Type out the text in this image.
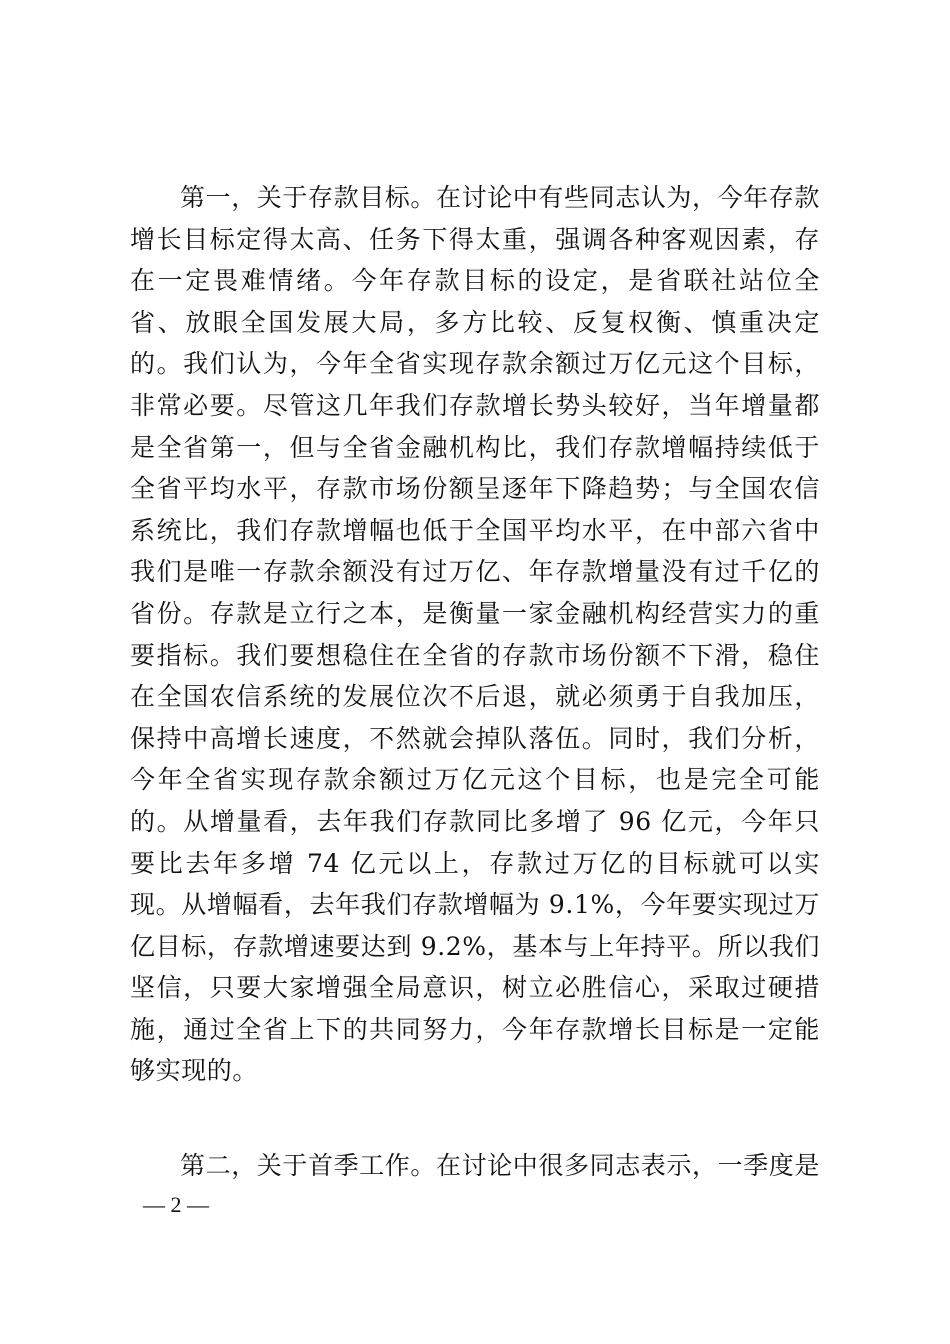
第一，关于存款目标。在讨论中有些同志认为，今年存款增长目标定得太高、任务下得太重，强调各种客观因素，存在一定畏难情绪。今年存款目标的设定，是省联社站位全省、放眼全国发展大局，多方比较、反复权衡、慎重决定的。我们认为，今年全省实现存款余额过万亿元这个目标，非常必要。尽管这几年我们存款增长势头较好，当年增量都是全省第一，但与全省金融机构比，我们存款增幅持续低于全省平均水平，存款市场份额呈逐年下降趋势；与全国农信系统比，我们存款增幅也低于全国平均水平，在中部六省中我们是唯一存款余额没有过万亿、年存款增量没有过千亿的省份。存款是立行之本，是衡量一家金融机构经营实力的重要指标。我们要想稳住在全省的存款市场份额不下滑，稳住在全国农信系统的发展位次不后退，就必须勇于自我加压，保持中高增长速度，不然就会掉队落伍。同时，我们分析，今年全省实现存款余额过万亿元这个目标，也是完全可能的。从增量看，去年我们存款同比多增了 96 亿元，今年只要比去年多增 74 亿元以上，存款过万亿的目标就可以实现。从增幅看，去年我们存款增幅为 9.1%，今年要实现过万亿目标，存款增速要达到 9.2%，基本与上年持平。所以我们坚信，只要大家增强全局意识，树立必胜信心，采取过硬措施，通过全省上下的共同努力，今年存款增长目标是一定能够实现的。

第二，关于首季工作。在讨论中很多同志表示，一季度是

— 2 —
